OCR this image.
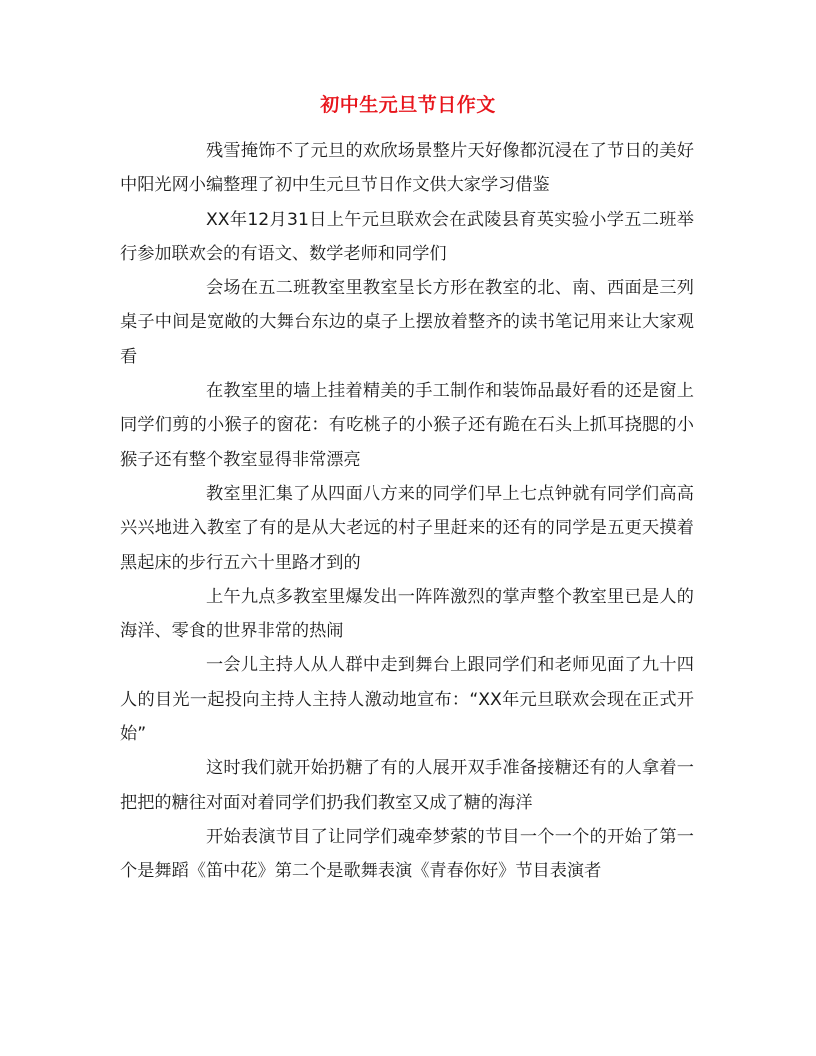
初中生元旦节日作文

残雪掩饰不了元旦的欢欣场景整片天好像都沉浸在了节日的美好中阳光网小编整理了初中生元旦节日作文供大家学习借鉴

XX年12月31日上午元旦联欢会在武陵县育英实验小学五二班举行参加联欢会的有语文、数学老师和同学们

会场在五二班教室里教室呈长方形在教室的北、南、西面是三列桌子中间是宽敞的大舞台东边的桌子上摆放着整齐的读书笔记用来让大家观看

在教室里的墙上挂着精美的手工制作和装饰品最好看的还是窗上同学们剪的小猴子的窗花：有吃桃子的小猴子还有跪在石头上抓耳挠腮的小猴子还有整个教室显得非常漂亮

教室里汇集了从四面八方来的同学们早上七点钟就有同学们高高兴兴地进入教室了有的是从大老远的村子里赶来的还有的同学是五更天摸着黑起床的步行五六十里路才到的

上午九点多教室里爆发出一阵阵激烈的掌声整个教室里已是人的海洋、零食的世界非常的热闹

一会儿主持人从人群中走到舞台上跟同学们和老师见面了九十四人的目光一起投向主持人主持人激动地宣布：“XX年元旦联欢会现在正式开始”

这时我们就开始扔糖了有的人展开双手准备接糖还有的人拿着一把把的糖往对面对着同学们扔我们教室又成了糖的海洋

开始表演节目了让同学们魂牵梦萦的节目一个一个的开始了第一个是舞蹈《笛中花》第二个是歌舞表演《青春你好》节目表演者
